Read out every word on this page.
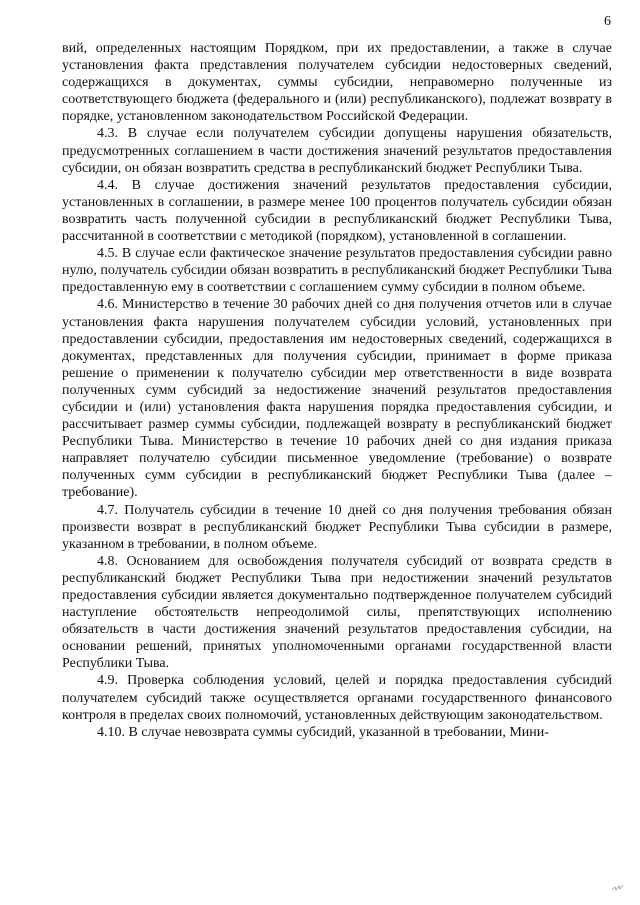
6

вий, определенных настоящим Порядком, при их предоставлении, а также в случае установления факта представления получателем субсидии недостоверных сведений, содержащихся в документах, суммы субсидии, неправомерно полученные из соответствующего бюджета (федерального и (или) республиканского), подлежат возврату в порядке, установленном законодательством Российской Федерации.

4.3. В случае если получателем субсидии допущены нарушения обязательств, предусмотренных соглашением в части достижения значений результатов предоставления субсидии, он обязан возвратить средства в республиканский бюджет Республики Тыва.

4.4. В случае достижения значений результатов предоставления субсидии, установленных в соглашении, в размере менее 100 процентов получатель субсидии обязан возвратить часть полученной субсидии в республиканский бюджет Республики Тыва, рассчитанной в соответствии с методикой (порядком), установленной в соглашении.

4.5. В случае если фактическое значение результатов предоставления субсидии равно нулю, получатель субсидии обязан возвратить в республиканский бюджет Республики Тыва предоставленную ему в соответствии с соглашением сумму субсидии в полном объеме.

4.6. Министерство в течение 30 рабочих дней со дня получения отчетов или в случае установления факта нарушения получателем субсидии условий, установленных при предоставлении субсидии, предоставления им недостоверных сведений, содержащихся в документах, представленных для получения субсидии, принимает в форме приказа решение о применении к получателю субсидии мер ответственности в виде возврата полученных сумм субсидий за недостижение значений результатов предоставления субсидии и (или) установления факта нарушения порядка предоставления субсидии, и рассчитывает размер суммы субсидии, подлежащей возврату в республиканский бюджет Республики Тыва. Министерство в течение 10 рабочих дней со дня издания приказа направляет получателю субсидии письменное уведомление (требование) о возврате полученных сумм субсидии в республиканский бюджет Республики Тыва (далее – требование).

4.7. Получатель субсидии в течение 10 дней со дня получения требования обязан произвести возврат в республиканский бюджет Республики Тыва субсидии в размере, указанном в требовании, в полном объеме.

4.8. Основанием для освобождения получателя субсидий от возврата средств в республиканский бюджет Республики Тыва при недостижении значений результатов предоставления субсидии является документально подтвержденное получателем субсидий наступление обстоятельств непреодолимой силы, препятствующих исполнению обязательств в части достижения значений результатов предоставления субсидии, на основании решений, принятых уполномоченными органами государственной власти Республики Тыва.

4.9. Проверка соблюдения условий, целей и порядка предоставления субсидий получателем субсидий также осуществляется органами государственного финансового контроля в пределах своих полномочий, установленных действующим законодательством.

4.10. В случае невозврата суммы субсидий, указанной в требовании, Мини-
